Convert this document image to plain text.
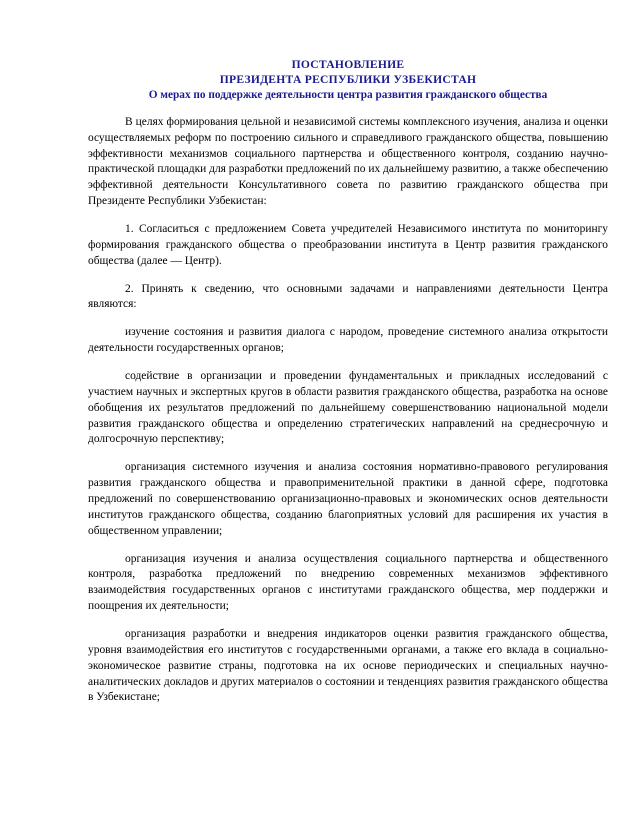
ПОСТАНОВЛЕНИЕ
ПРЕЗИДЕНТА РЕСПУБЛИКИ УЗБЕКИСТАН
О мерах по поддержке деятельности центра развития гражданского общества

В целях формирования цельной и независимой системы комплексного изучения, анализа и оценки осуществляемых реформ по построению сильного и справедливого гражданского общества, повышению эффективности механизмов социального партнерства и общественного контроля, созданию научно-практической площадки для разработки предложений по их дальнейшему развитию, а также обеспечению эффективной деятельности Консультативного совета по развитию гражданского общества при Президенте Республики Узбекистан:

1. Согласиться с предложением Совета учредителей Независимого института по мониторингу формирования гражданского общества о преобразовании института в Центр развития гражданского общества (далее — Центр).

2. Принять к сведению, что основными задачами и направлениями деятельности Центра являются:

изучение состояния и развития диалога с народом, проведение системного анализа открытости деятельности государственных органов;

содействие в организации и проведении фундаментальных и прикладных исследований с участием научных и экспертных кругов в области развития гражданского общества, разработка на основе обобщения их результатов предложений по дальнейшему совершенствованию национальной модели развития гражданского общества и определению стратегических направлений на среднесрочную и долгосрочную перспективу;

организация системного изучения и анализа состояния нормативно-правового регулирования развития гражданского общества и правоприменительной практики в данной сфере, подготовка предложений по совершенствованию организационно-правовых и экономических основ деятельности институтов гражданского общества, созданию благоприятных условий для расширения их участия в общественном управлении;

организация изучения и анализа осуществления социального партнерства и общественного контроля, разработка предложений по внедрению современных механизмов эффективного взаимодействия государственных органов с институтами гражданского общества, мер поддержки и поощрения их деятельности;

организация разработки и внедрения индикаторов оценки развития гражданского общества, уровня взаимодействия его институтов с государственными органами, а также его вклада в социально-экономическое развитие страны, подготовка на их основе периодических и специальных научно-аналитических докладов и других материалов о состоянии и тенденциях развития гражданского общества в Узбекистане;
